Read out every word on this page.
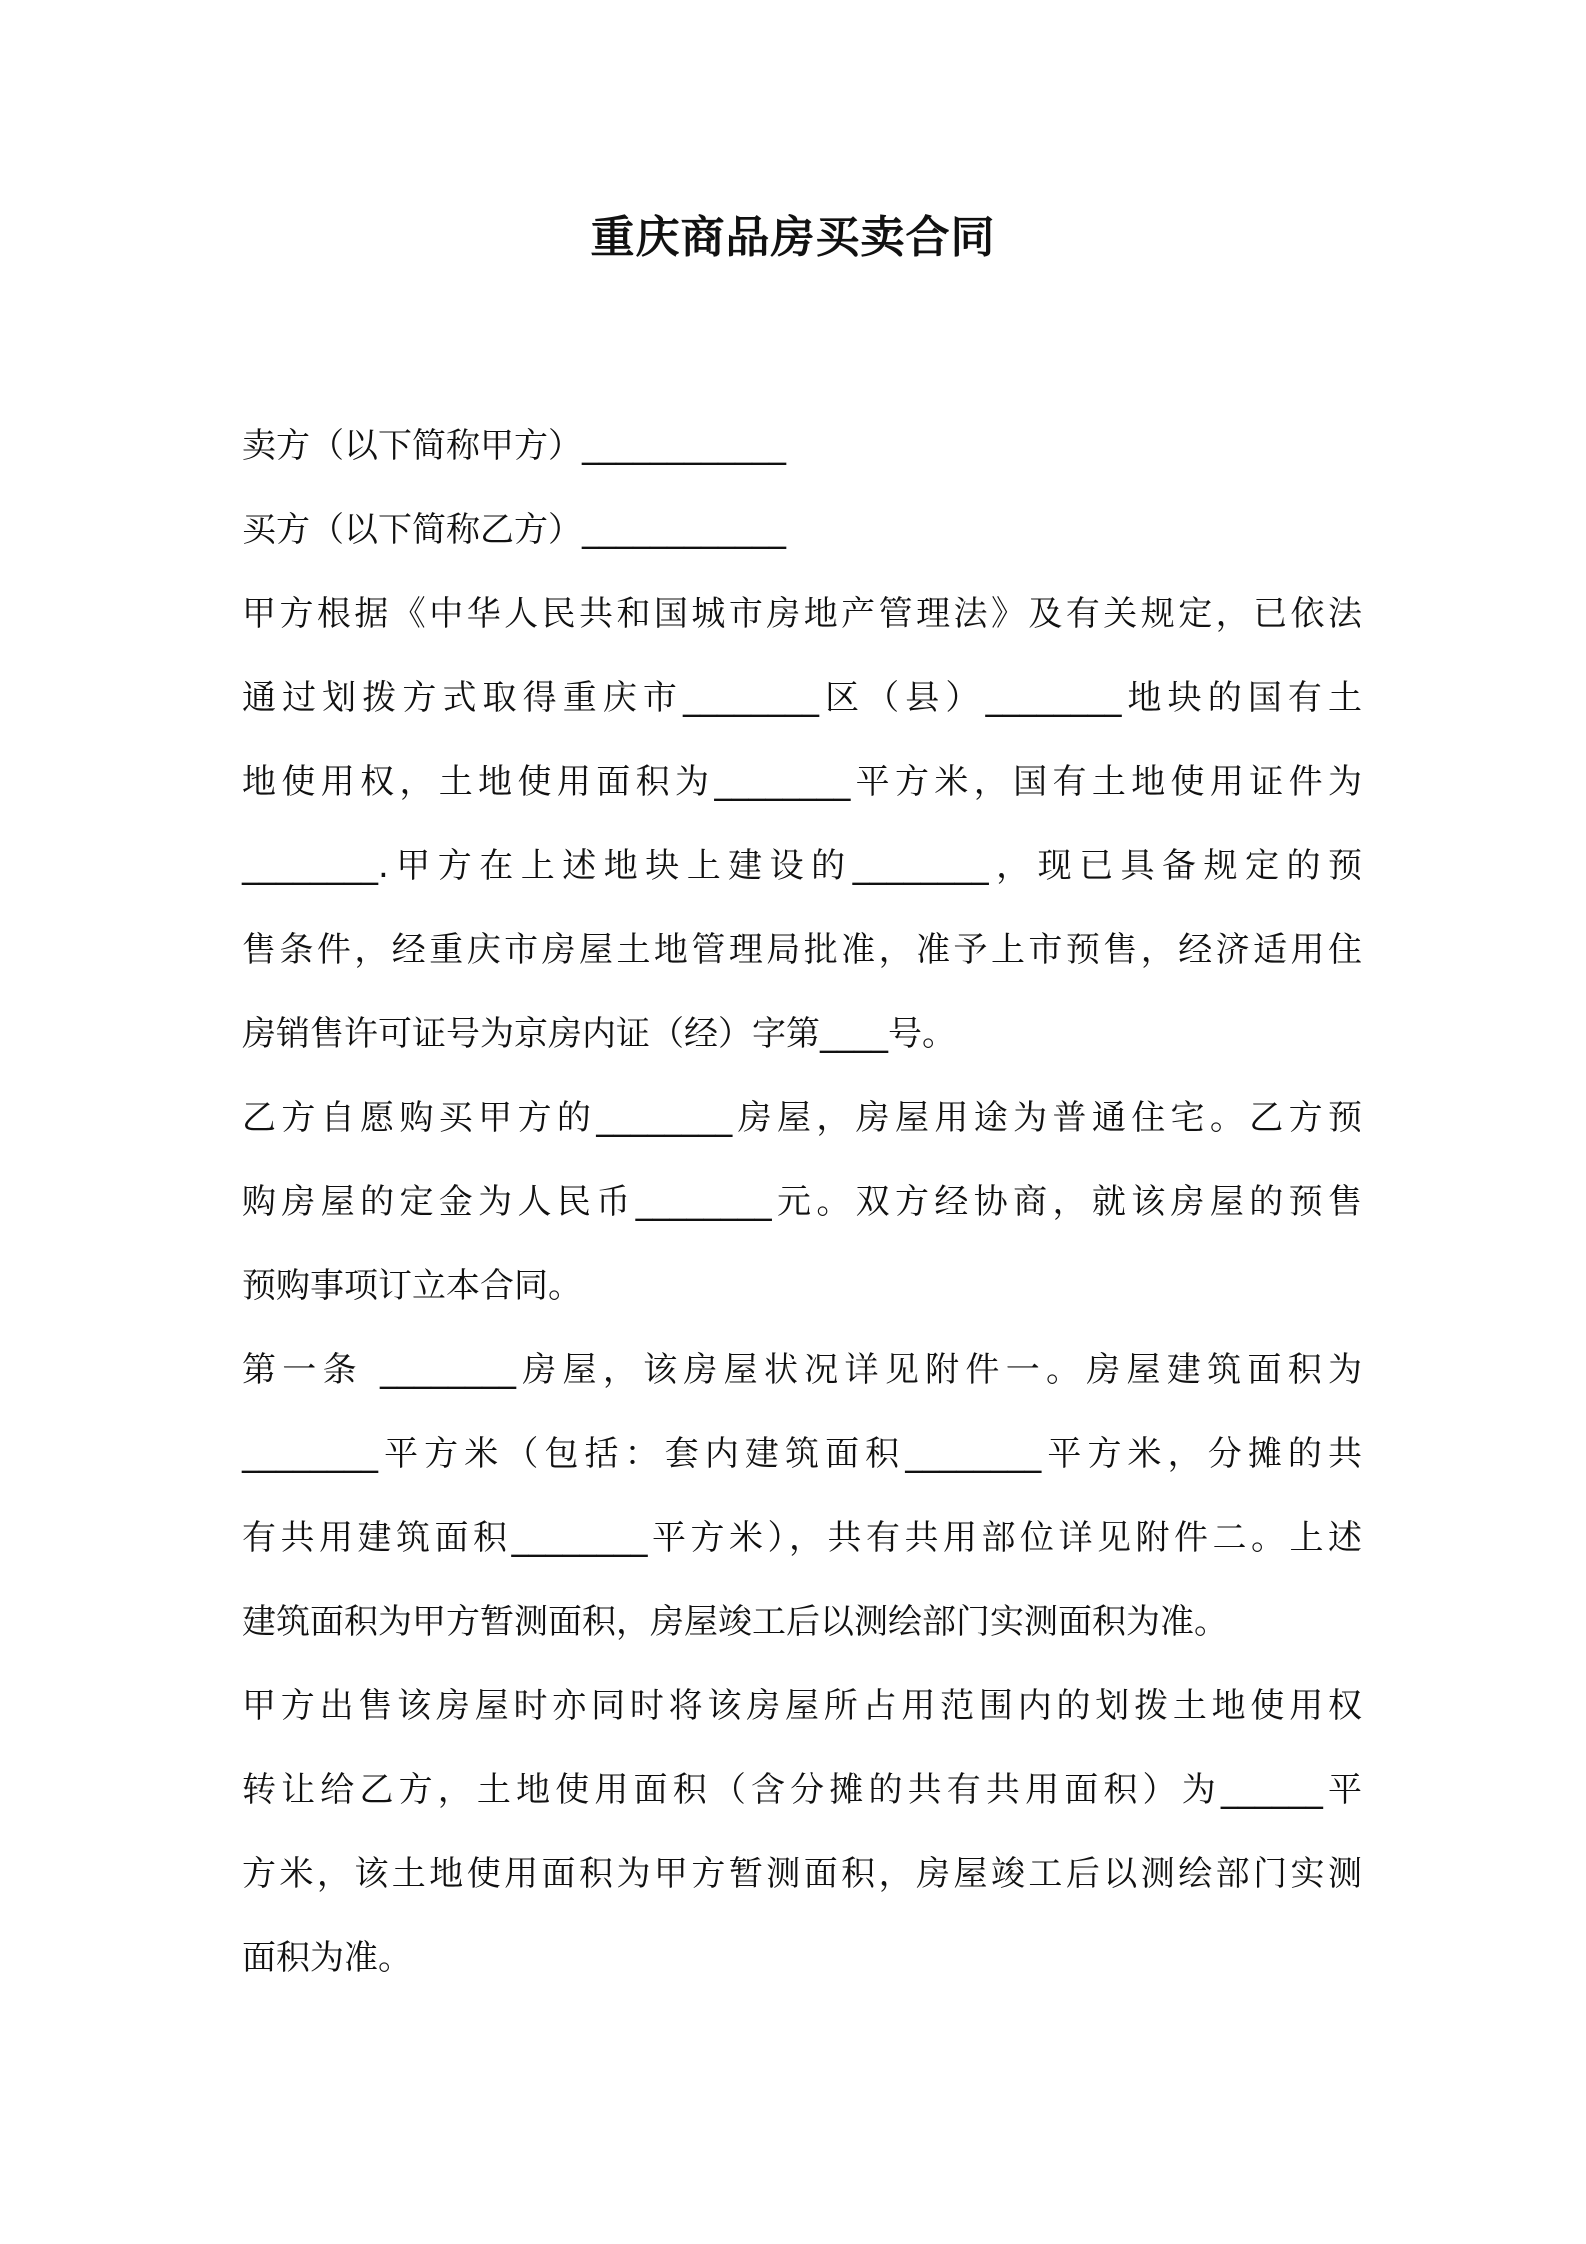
重庆商品房买卖合同
卖方（以下简称甲方）____________
买方（以下简称乙方）____________
甲方根据《中华人民共和国城市房地产管理法》及有关规定，已依法
通过划拨方式取得重庆市________区（县）________地块的国有土
地使用权，土地使用面积为________平方米，国有土地使用证件为
________.甲方在上述地块上建设的________，现已具备规定的预
售条件，经重庆市房屋土地管理局批准，准予上市预售，经济适用住
房销售许可证号为京房内证（经）字第____号。
乙方自愿购买甲方的________房屋，房屋用途为普通住宅。乙方预
购房屋的定金为人民币________元。双方经协商，就该房屋的预售
预购事项订立本合同。
第一条 ________房屋，该房屋状况详见附件一。房屋建筑面积为
________平方米（包括：套内建筑面积________平方米，分摊的共
有共用建筑面积________平方米），共有共用部位详见附件二。上述
建筑面积为甲方暂测面积，房屋竣工后以测绘部门实测面积为准。
甲方出售该房屋时亦同时将该房屋所占用范围内的划拨土地使用权
转让给乙方，土地使用面积（含分摊的共有共用面积）为______平
方米，该土地使用面积为甲方暂测面积，房屋竣工后以测绘部门实测
面积为准。
